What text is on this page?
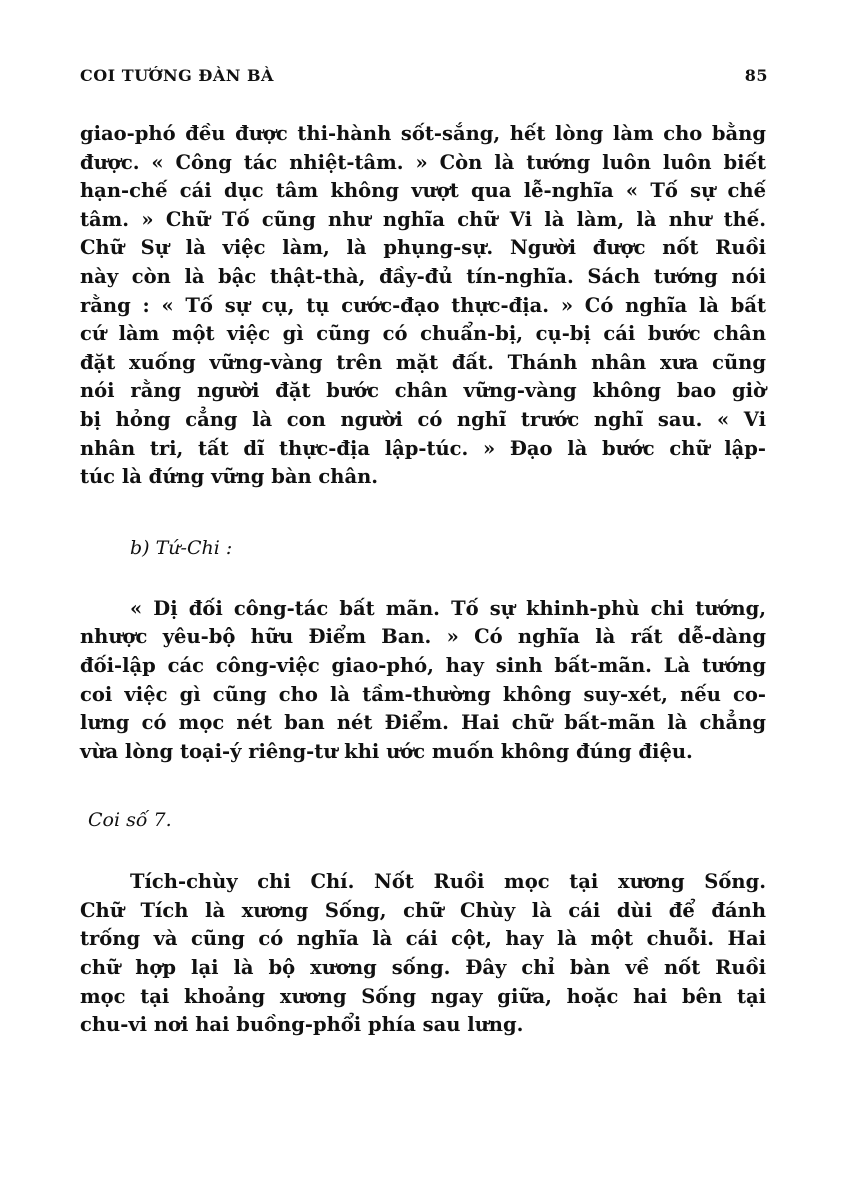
COI TƯỚNG ĐÀN BÀ	85

giao-phó đều được thi-hành sốt-sắng, hết lòng làm cho bằng
được. « Công tác nhiệt-tâm. » Còn là tướng luôn luôn biết
hạn-chế cái dục tâm không vượt qua lễ-nghĩa « Tố sự chế
tâm. » Chữ Tố cũng như nghĩa chữ Vi là làm, là như thế.
Chữ Sự là việc làm, là phụng-sự. Người được nốt Ruồi
này còn là bậc thật-thà, đầy-đủ tín-nghĩa. Sách tướng nói
rằng : « Tố sự cụ, tụ cước-đạo thực-địa. » Có nghĩa là bất
cứ làm một việc gì cũng có chuẩn-bị, cụ-bị cái bước chân
đặt xuống vững-vàng trên mặt đất. Thánh nhân xưa cũng
nói rằng người đặt bước chân vững-vàng không bao giờ
bị hỏng cẳng là con người có nghĩ trước nghĩ sau. « Vi
nhân tri, tất dĩ thực-địa lập-túc. » Đạo là bước chữ lập-
túc là đứng vững bàn chân.

b) Tứ-Chi :

« Dị đối công-tác bất mãn. Tố sự khinh-phù chi tướng,
nhược yêu-bộ hữu Điểm Ban. » Có nghĩa là rất dễ-dàng
đối-lập các công-việc giao-phó, hay sinh bất-mãn. Là tướng
coi việc gì cũng cho là tầm-thường không suy-xét, nếu co-
lưng có mọc nét ban nét Điểm. Hai chữ bất-mãn là chẳng
vừa lòng toại-ý riêng-tư khi ước muốn không đúng điệu.

Coi số 7.

Tích-chùy chi Chí. Nốt Ruồi mọc tại xương Sống.
Chữ Tích là xương Sống, chữ Chùy là cái dùi để đánh
trống và cũng có nghĩa là cái cột, hay là một chuỗi. Hai
chữ hợp lại là bộ xương sống. Đây chỉ bàn về nốt Ruồi
mọc tại khoảng xương Sống ngay giữa, hoặc hai bên tại
chu-vi nơi hai buồng-phổi phía sau lưng.
